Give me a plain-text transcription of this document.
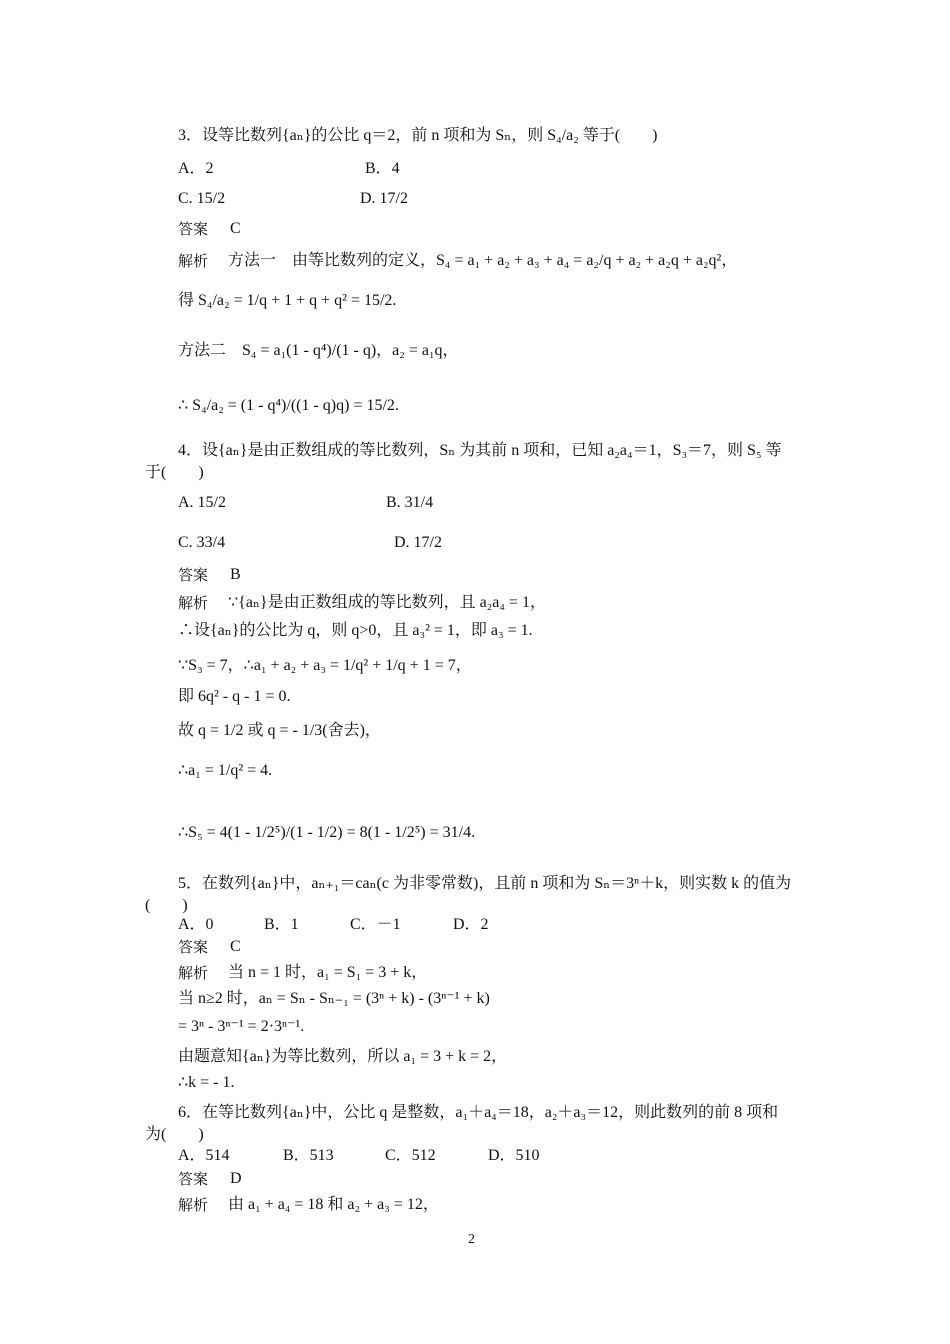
3．设等比数列{aₙ}的公比 q＝2，前 n 项和为 Sₙ，则 S₄/a₂ 等于(　　)
A．2	B．4
C. 15/2	D. 17/2
答案 C
解析 方法一　由等比数列的定义，S₄ = a₁ + a₂ + a₃ + a₄ = a₂/q + a₂ + a₂q + a₂q²，
得 S₄/a₂ = 1/q + 1 + q + q² = 15/2.
方法二　S₄ = a₁(1 - q⁴)/(1 - q)，a₂ = a₁q，
∴ S₄/a₂ = (1 - q⁴)/((1 - q)q) = 15/2.
4．设{aₙ}是由正数组成的等比数列，Sₙ 为其前 n 项和，已知 a₂a₄＝1，S₃＝7，则 S₅ 等
于(　　)
A. 15/2	B. 31/4
C. 33/4	D. 17/2
答案 B
解析 ∵{aₙ}是由正数组成的等比数列，且 a₂a₄ = 1，
∴设{aₙ}的公比为 q，则 q>0，且 a₃² = 1，即 a₃ = 1.
∵S₃ = 7，∴a₁ + a₂ + a₃ = 1/q² + 1/q + 1 = 7，
即 6q² - q - 1 = 0.
故 q = 1/2 或 q = - 1/3(舍去)，
∴a₁ = 1/q² = 4.
∴S₅ = 4(1 - 1/2⁵)/(1 - 1/2) = 8(1 - 1/2⁵) = 31/4.
5．在数列{aₙ}中，aₙ₊₁＝caₙ(c 为非零常数)，且前 n 项和为 Sₙ＝3ⁿ＋k，则实数 k 的值为
(　　)
A．0	B．1	C．－1	D．2
答案 C
解析 当 n = 1 时，a₁ = S₁ = 3 + k，
当 n≥2 时，aₙ = Sₙ - Sₙ₋₁ = (3ⁿ + k) - (3ⁿ⁻¹ + k)
= 3ⁿ - 3ⁿ⁻¹ = 2·3ⁿ⁻¹.
由题意知{aₙ}为等比数列，所以 a₁ = 3 + k = 2，
∴k = - 1.
6．在等比数列{aₙ}中，公比 q 是整数，a₁＋a₄＝18，a₂＋a₃＝12，则此数列的前 8 项和
为(　　)
A．514	B．513	C．512	D．510
答案 D
解析 由 a₁ + a₄ = 18 和 a₂ + a₃ = 12，
2
